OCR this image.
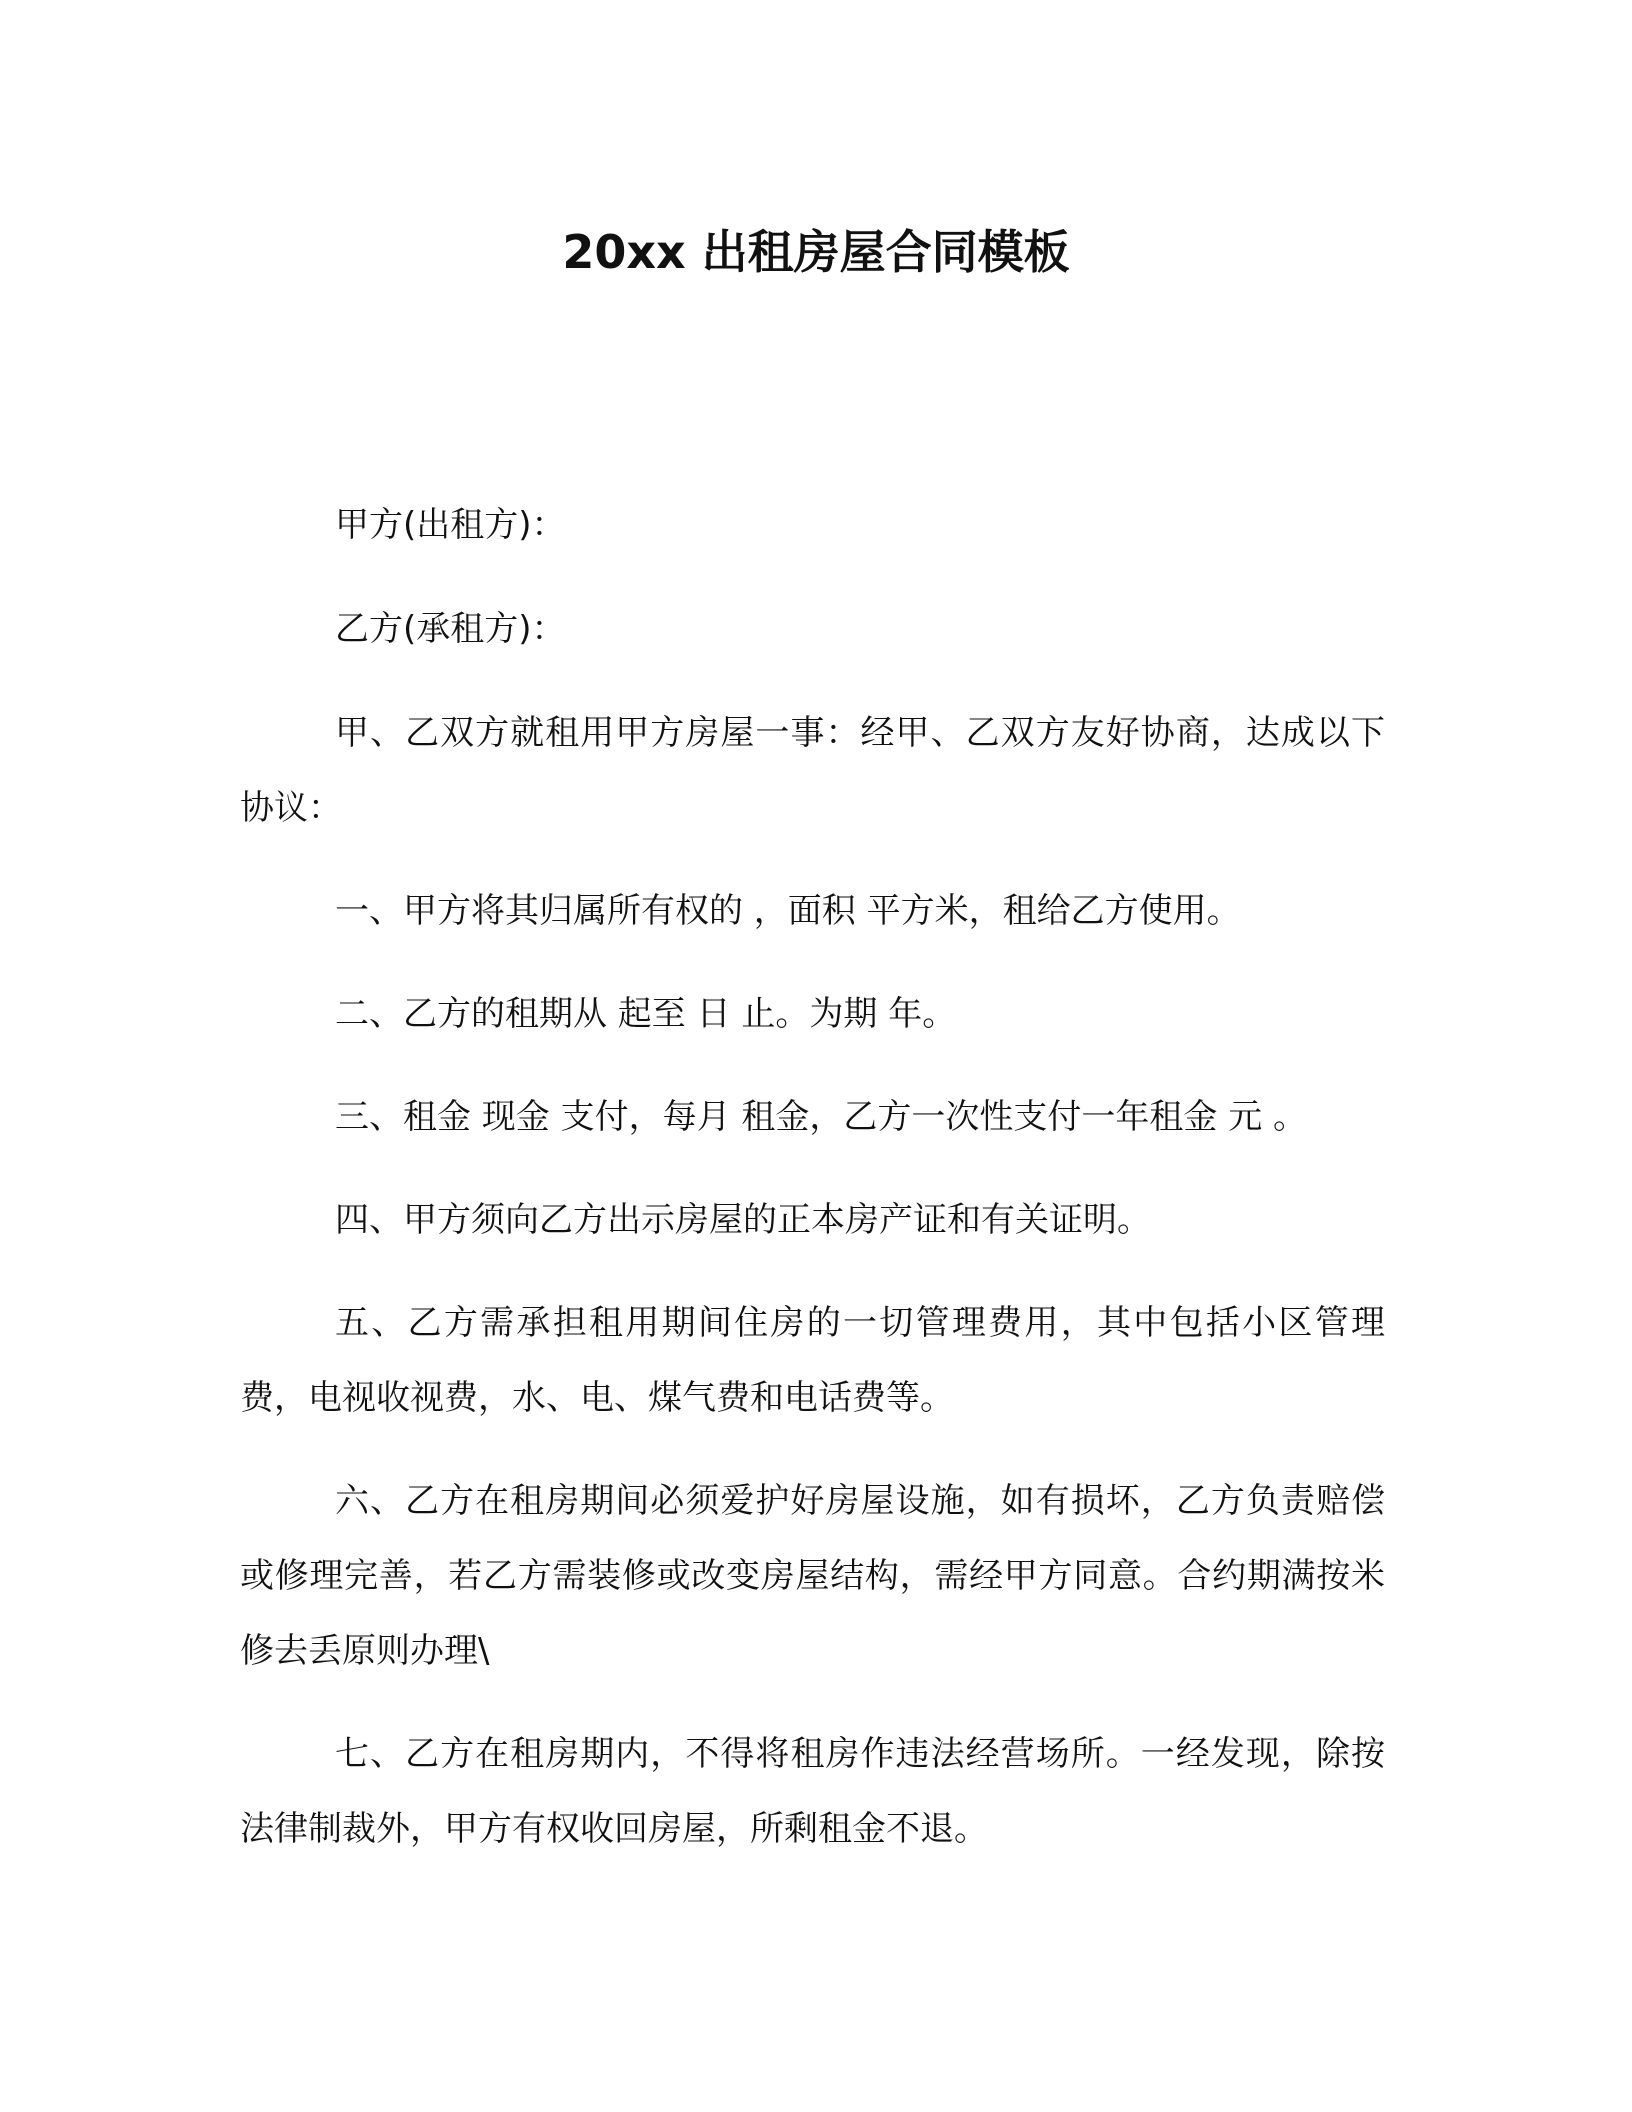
20xx 出租房屋合同模板

甲方(出租方)：

乙方(承租方)：

甲、乙双方就租用甲方房屋一事：经甲、乙双方友好协商，达成以下协议：

一、甲方将其归属所有权的 ，面积 平方米，租给乙方使用。

二、乙方的租期从 起至 日 止。为期 年。

三、租金 现金 支付，每月 租金，乙方一次性支付一年租金 元 。

四、甲方须向乙方出示房屋的正本房产证和有关证明。

五、乙方需承担租用期间住房的一切管理费用，其中包括小区管理费，电视收视费，水、电、煤气费和电话费等。

六、乙方在租房期间必须爱护好房屋设施，如有损坏，乙方负责赔偿或修理完善，若乙方需装修或改变房屋结构，需经甲方同意。合约期满按米修去丢原则办理\

七、乙方在租房期内，不得将租房作违法经营场所。一经发现，除按法律制裁外，甲方有权收回房屋，所剩租金不退。
